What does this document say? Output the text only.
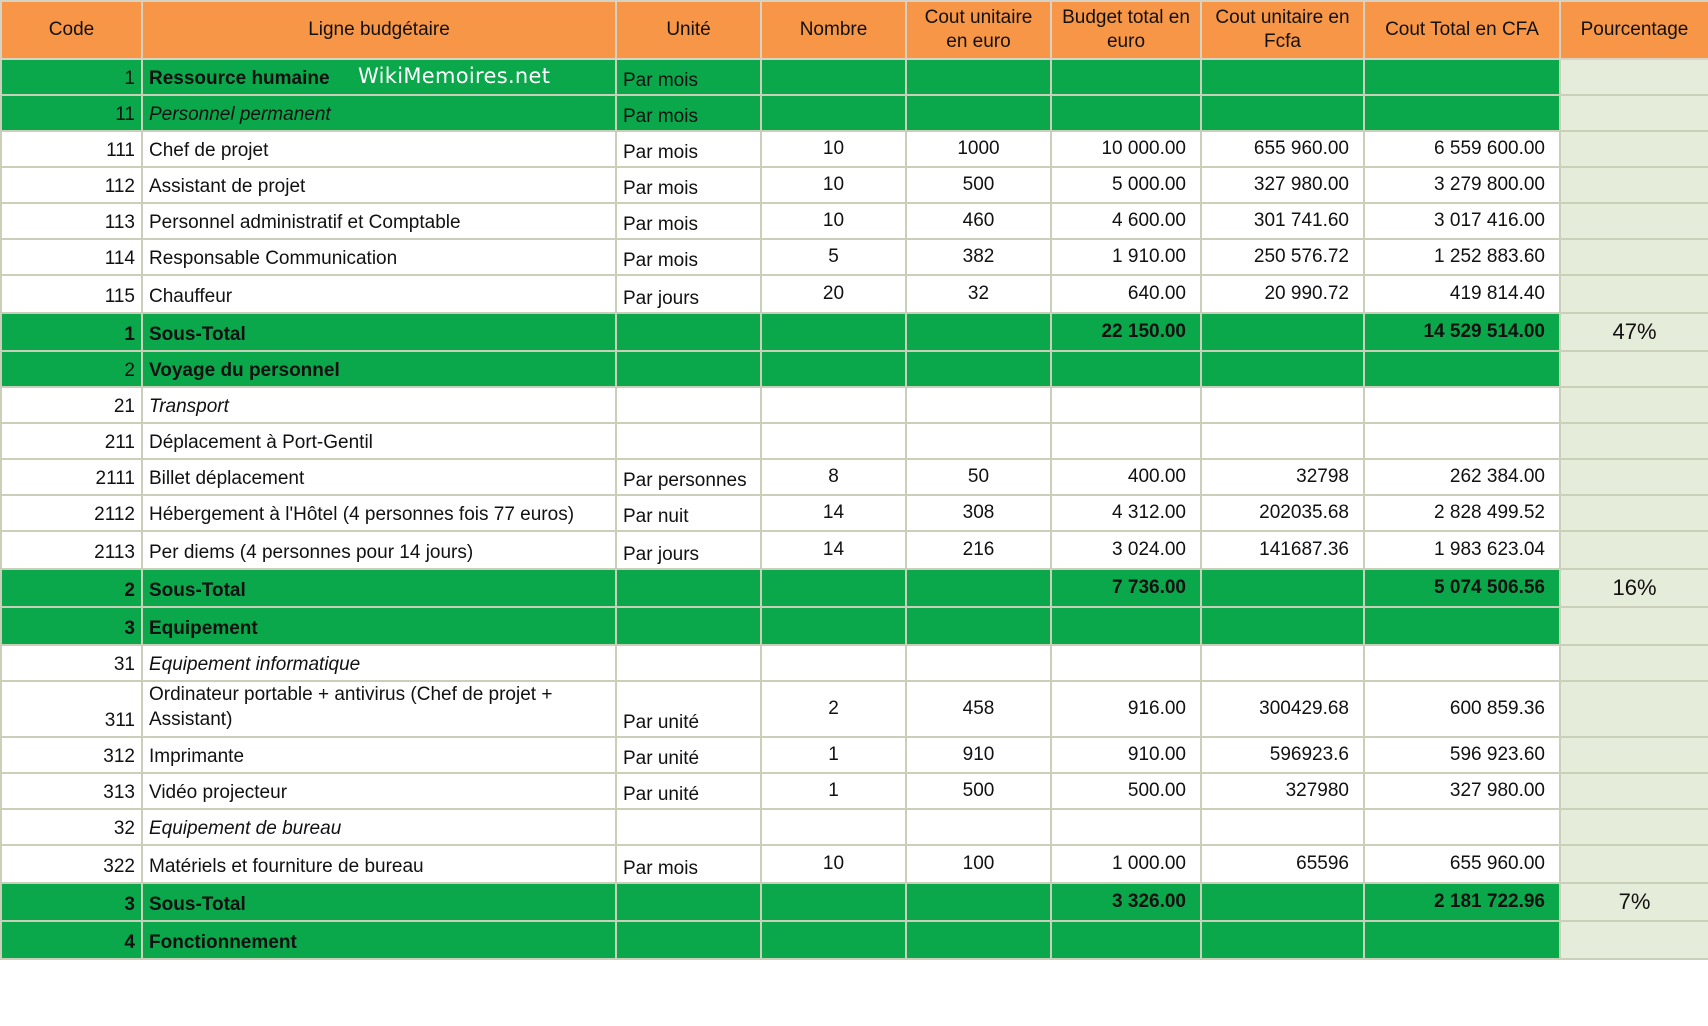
Code	Ligne budgétaire	Unité	Nombre	Cout unitaire en euro	Budget total en euro	Cout unitaire en Fcfa	Cout Total en CFA	Pourcentage
1	Ressource humaine	Par mois						
11	Personnel permanent	Par mois						
111	Chef de projet	Par mois	10	1000	10 000.00	655 960.00	6 559 600.00	
112	Assistant de projet	Par mois	10	500	5 000.00	327 980.00	3 279 800.00	
113	Personnel administratif et Comptable	Par mois	10	460	4 600.00	301 741.60	3 017 416.00	
114	Responsable Communication	Par mois	5	382	1 910.00	250 576.72	1 252 883.60	
115	Chauffeur	Par jours	20	32	640.00	20 990.72	419 814.40	
1	Sous-Total				22 150.00		14 529 514.00	47%
2	Voyage du personnel							
21	Transport							
211	Déplacement à Port-Gentil							
2111	Billet déplacement	Par personnes	8	50	400.00	32798	262 384.00	
2112	Hébergement à l'Hôtel (4 personnes fois 77 euros)	Par nuit	14	308	4 312.00	202035.68	2 828 499.52	
2113	Per diems (4 personnes pour 14 jours)	Par jours	14	216	3 024.00	141687.36	1 983 623.04	
2	Sous-Total				7 736.00		5 074 506.56	16%
3	Equipement							
31	Equipement informatique							
311	Ordinateur portable + antivirus (Chef de projet + Assistant)	Par unité	2	458	916.00	300429.68	600 859.36	
312	Imprimante	Par unité	1	910	910.00	596923.6	596 923.60	
313	Vidéo projecteur	Par unité	1	500	500.00	327980	327 980.00	
32	Equipement de bureau							
322	Matériels et fourniture de bureau	Par mois	10	100	1 000.00	65596	655 960.00	
3	Sous-Total				3 326.00		2 181 722.96	7%
4	Fonctionnement							
WikiMemoires.net
